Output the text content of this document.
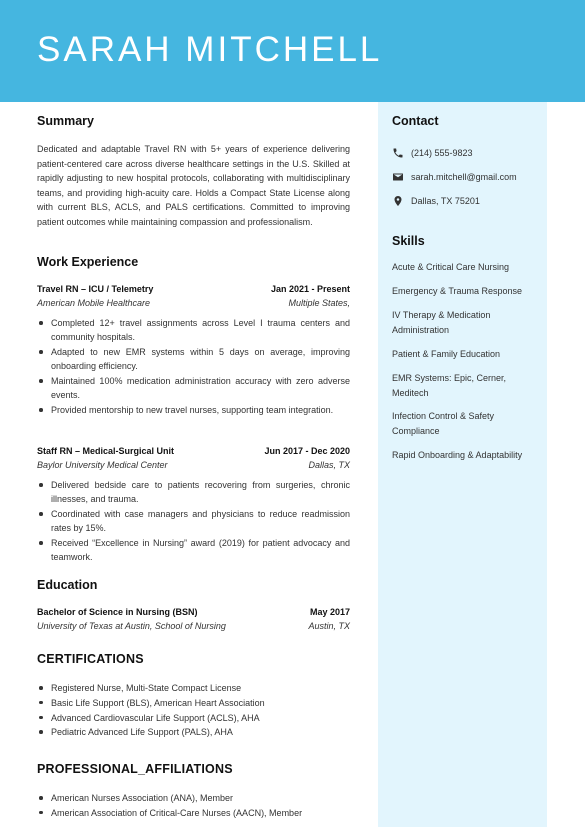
SARAH MITCHELL
Contact
(214) 555-9823
sarah.mitchell@gmail.com
Dallas, TX 75201
Skills
Acute & Critical Care Nursing
Emergency & Trauma Response
IV Therapy & Medication Administration
Patient & Family Education
EMR Systems: Epic, Cerner, Meditech
Infection Control & Safety Compliance
Rapid Onboarding & Adaptability
Summary

Dedicated and adaptable Travel RN with 5+ years of experience delivering patient-centered care across diverse healthcare settings in the U.S. Skilled at rapidly adjusting to new hospital protocols, collaborating with multidisciplinary teams, and providing high-acuity care. Holds a Compact State License along with current BLS, ACLS, and PALS certifications. Committed to improving patient outcomes while maintaining compassion and professionalism.

Work Experience
Travel RN – ICU / Telemetry	Jan 2021 - Present
American Mobile Healthcare	Multiple States,
Completed 12+ travel assignments across Level I trauma centers and community hospitals.
Adapted to new EMR systems within 5 days on average, improving onboarding efficiency.
Maintained 100% medication administration accuracy with zero adverse events.
Provided mentorship to new travel nurses, supporting team integration.
Staff RN – Medical-Surgical Unit	Jun 2017 - Dec 2020
Baylor University Medical Center	Dallas, TX
Delivered bedside care to patients recovering from surgeries, chronic illnesses, and trauma.
Coordinated with case managers and physicians to reduce readmission rates by 15%.
Received “Excellence in Nursing” award (2019) for patient advocacy and teamwork.
Education
Bachelor of Science in Nursing (BSN)	May 2017
University of Texas at Austin, School of Nursing	Austin, TX
CERTIFICATIONS
Registered Nurse, Multi-State Compact License
Basic Life Support (BLS), American Heart Association
Advanced Cardiovascular Life Support (ACLS), AHA
Pediatric Advanced Life Support (PALS), AHA
PROFESSIONAL_AFFILIATIONS
American Nurses Association (ANA), Member
American Association of Critical-Care Nurses (AACN), Member
